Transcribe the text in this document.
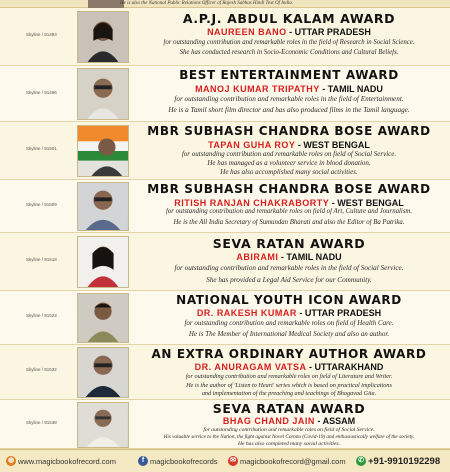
He is also the National Public Relations Officer of Rajesh Sabhas Hindi Text Of India.
Skyline / 91493
A.P.J. ABDUL KALAM AWARD
NAUREEN BANO - UTTAR PRADESH
for outstanding contribution and remarkable roles in the field of Research in Social Science.
She has conducted research in Socio-Economic Conditions and Cultural Beliefs.
Skyline / 91496
BEST ENTERTAINMENT AWARD
MANOJ KUMAR TRIPATHY - TAMIL NADU
for outstanding contribution and remarkable roles in the field of Entertainment.
He is a Tamil short film director and has also produced films in the Tamil language.
Skyline / 91501
MBR SUBHASH CHANDRA BOSE AWARD
TAPAN GUHA ROY - WEST BENGAL
for outstanding contribution and remarkable roles on field of Social Service.
He has managed as a volunteer service in blood donation.
He has also accomplished many social activities.
Skyline / 91509
MBR SUBHASH CHANDRA BOSE AWARD
RITISH RANJAN CHAKRABORTY - WEST BENGAL
for outstanding contribution and remarkable roles on field of Art, Culture and Journalism.
He is the All India Secretary of Sumundan Bharati and also the Editor of Ba Patrika.
Skyline / 91518
SEVA RATAN AWARD
ABIRAMI - TAMIL NADU
for outstanding contribution and remarkable roles in the field of Social Service.
She has provided a Legal Aid Service for our Community.
Skyline / 91523
NATIONAL YOUTH ICON AWARD
DR. RAKESH KUMAR - UTTAR PRADESH
for outstanding contribution and remarkable roles on field of Health Care.
He is The Member of International Medical Society and also an author.
Skyline / 91532
AN EXTRA ORDINARY AUTHOR AWARD
DR. ANURAGAM VATSA - UTTARAKHAND
for outstanding contribution and remarkable roles on field of Literature and Writer.
He is the author of 'Listen to Heart' series which is based on practical implications
and implementation of the preaching and teachings of Bhagavad Gita.
Skyline / 91538
SEVA RATAN AWARD
BHAG CHAND JAIN - ASSAM
for outstanding contribution and remarkable roles on field of Social Service.
His valuable service to the Nation, the fight against Novel Corona (Covid-19) and enthusiastically welfare of the society.
He has also completed many social activities.
◍ www.magicbookofrecord.com	f magicbookofrecords ✉ magicbookofrecord@gmail.com ✆ +91-9910192298
